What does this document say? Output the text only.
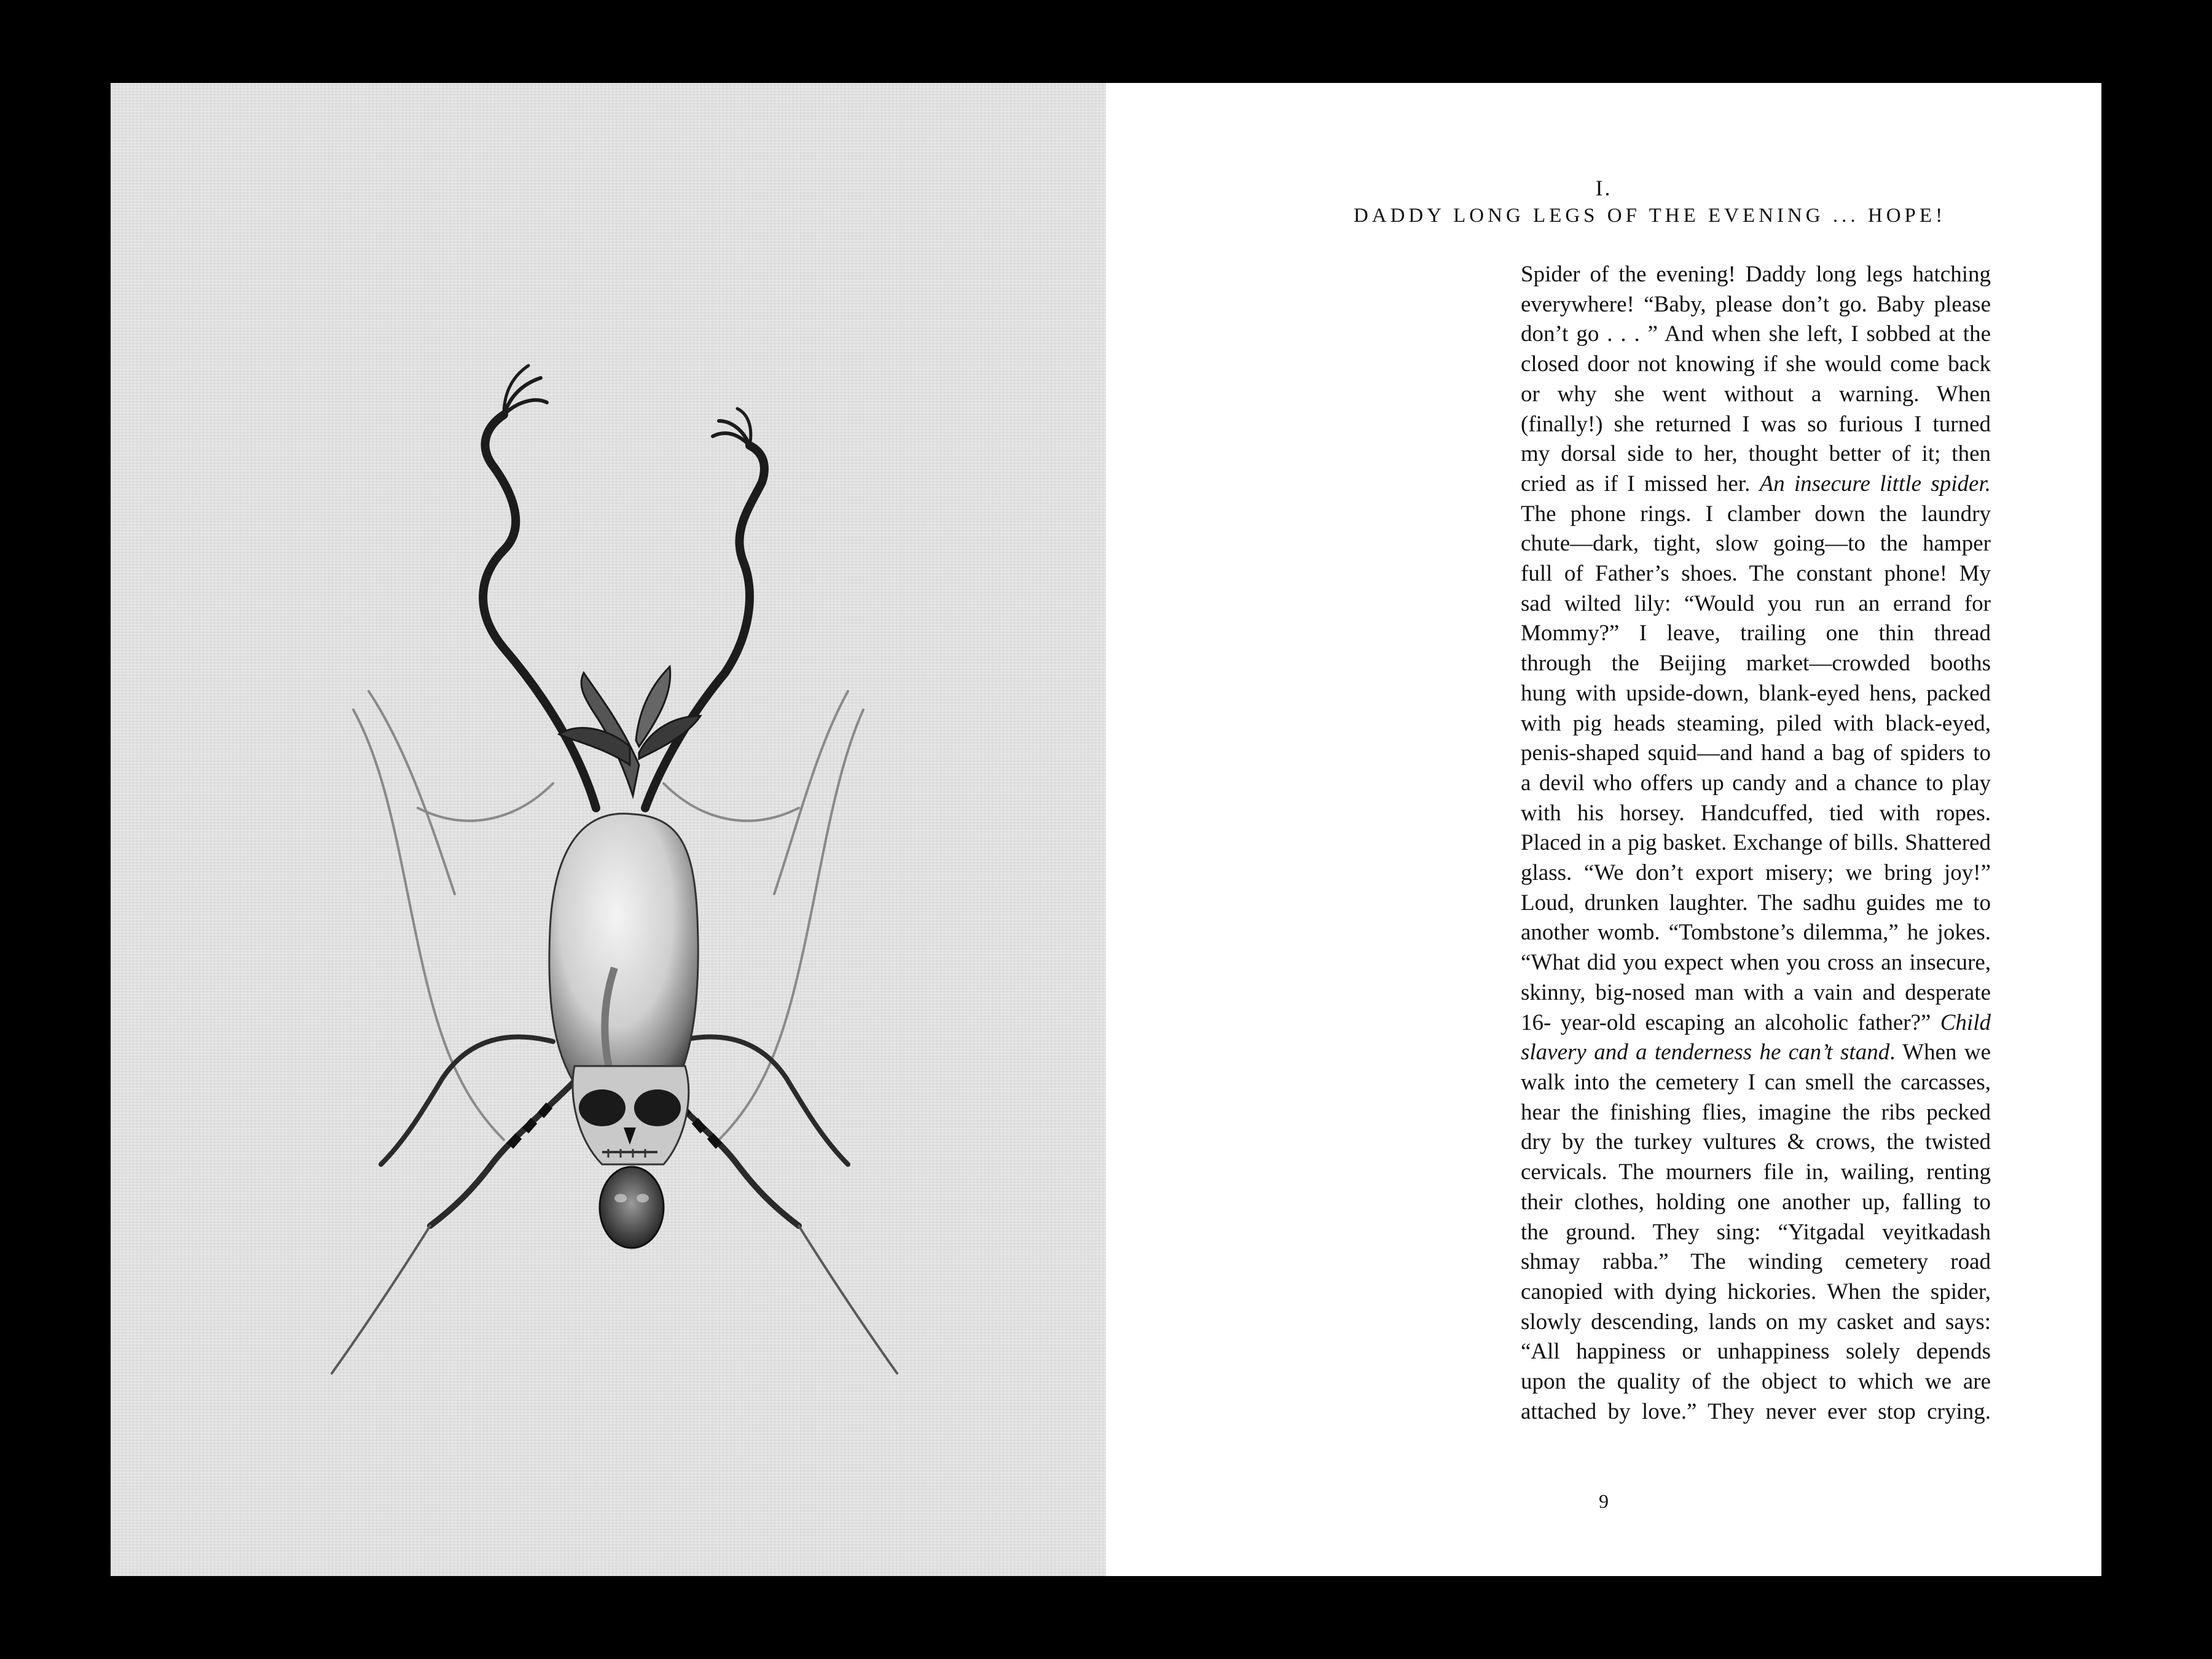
I.
DADDY LONG LEGS OF THE EVENING ... HOPE!
Spider of the evening! Daddy long legs hatching
everywhere! “Baby, please don’t go. Baby please
don’t go . . . ” And when she left, I sobbed at the
closed door not knowing if she would come back
or why she went without a warning. When
(finally!) she returned I was so furious I turned
my dorsal side to her, thought better of it; then
cried as if I missed her. An insecure little spider.
The phone rings. I clamber down the laundry
chute—dark, tight, slow going—to the hamper
full of Father’s shoes. The constant phone! My
sad wilted lily: “Would you run an errand for
Mommy?” I leave, trailing one thin thread
through the Beijing market—crowded booths
hung with upside-down, blank-eyed hens, packed
with pig heads steaming, piled with black-eyed,
penis-shaped squid—and hand a bag of spiders to
a devil who offers up candy and a chance to play
with his horsey. Handcuffed, tied with ropes.
Placed in a pig basket. Exchange of bills. Shattered
glass. “We don’t export misery; we bring joy!”
Loud, drunken laughter. The sadhu guides me to
another womb. “Tombstone’s dilemma,” he jokes.
“What did you expect when you cross an insecure,
skinny, big-nosed man with a vain and desperate
16- year-old escaping an alcoholic father?” Child
slavery and a tenderness he can’t stand. When we
walk into the cemetery I can smell the carcasses,
hear the finishing flies, imagine the ribs pecked
dry by the turkey vultures & crows, the twisted
cervicals. The mourners file in, wailing, renting
their clothes, holding one another up, falling to
the ground. They sing: “Yitgadal veyitkadash
shmay rabba.” The winding cemetery road
canopied with dying hickories. When the spider,
slowly descending, lands on my casket and says:
“All happiness or unhappiness solely depends
upon the quality of the object to which we are
attached by love.” They never ever stop crying.
9
